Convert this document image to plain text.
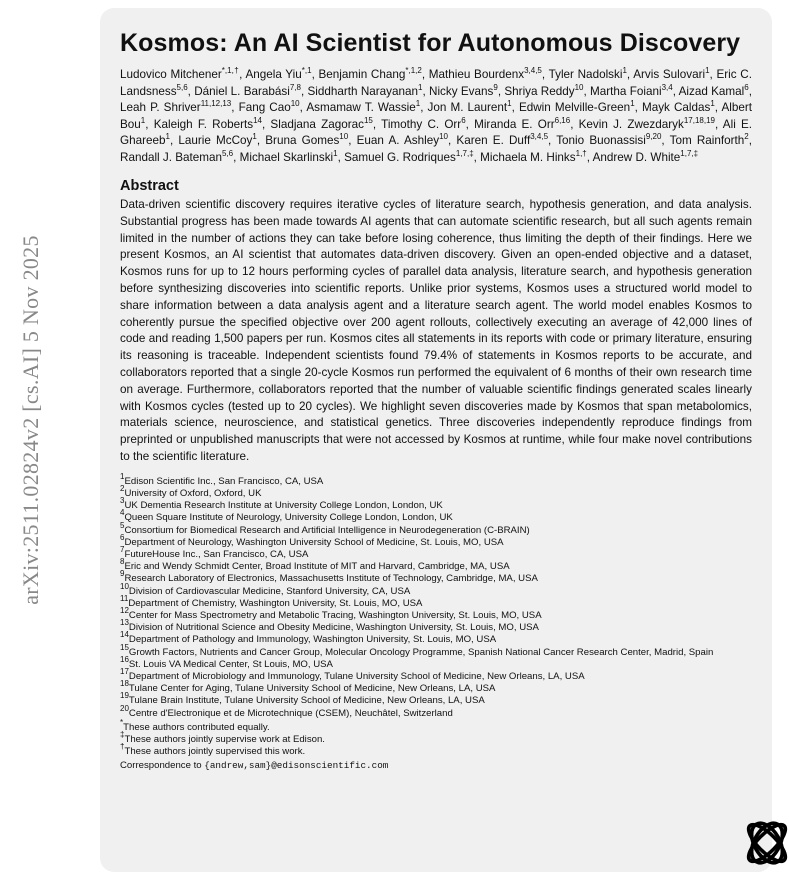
arXiv:2511.02824v2 [cs.AI] 5 Nov 2025
Kosmos: An AI Scientist for Autonomous Discovery
Ludovico Mitchener$^{*,1,\dagger}$, Angela Yiu$^{*,1}$, Benjamin Chang$^{*,1,2}$, Mathieu Bourdenx$^{3,4,5}$, Tyler Nadolski$^1$, Arvis Sulovari$^1$, Eric C. Landsness$^{5,6}$, Dániel L. Barabási$^{7,8}$, Siddharth Narayanan$^1$, Nicky Evans$^9$, Shriya Reddy$^{10}$, Martha Foiani$^{3,4}$, Aizad Kamal$^6$, Leah P. Shriver$^{11,12,13}$, Fang Cao$^{10}$, Asmamaw T. Wassie$^1$, Jon M. Laurent$^1$, Edwin Melville-Green$^1$, Mayk Caldas$^1$, Albert Bou$^1$, Kaleigh F. Roberts$^{14}$, Sladjana Zagorac$^{15}$, Timothy C. Orr$^6$, Miranda E. Orr$^{6,16}$, Kevin J. Zwezdaryk$^{17,18,19}$, Ali E. Ghareeb$^1$, Laurie McCoy$^1$, Bruna Gomes$^{10}$, Euan A. Ashley$^{10}$, Karen E. Duff$^{3,4,5}$, Tonio Buonassisi$^{9,20}$, Tom Rainforth$^2$, Randall J. Bateman$^{5,6}$, Michael Skarlinski$^1$, Samuel G. Rodriques$^{1,7,\ddagger}$, Michaela M. Hinks$^{1,\dagger}$, Andrew D. White$^{1,7,\ddagger}$
Abstract

Data-driven scientific discovery requires iterative cycles of literature search, hypothesis generation, and data analysis. Substantial progress has been made towards AI agents that can automate scientific research, but all such agents remain limited in the number of actions they can take before losing coherence, thus limiting the depth of their findings. Here we present Kosmos, an AI scientist that automates data-driven discovery. Given an open-ended objective and a dataset, Kosmos runs for up to 12 hours performing cycles of parallel data analysis, literature search, and hypothesis generation before synthesizing discoveries into scientific reports. Unlike prior systems, Kosmos uses a structured world model to share information between a data analysis agent and a literature search agent. The world model enables Kosmos to coherently pursue the specified objective over 200 agent rollouts, collectively executing an average of 42,000 lines of code and reading 1,500 papers per run. Kosmos cites all statements in its reports with code or primary literature, ensuring its reasoning is traceable. Independent scientists found 79.4% of statements in Kosmos reports to be accurate, and collaborators reported that a single 20-cycle Kosmos run performed the equivalent of 6 months of their own research time on average. Furthermore, collaborators reported that the number of valuable scientific findings generated scales linearly with Kosmos cycles (tested up to 20 cycles). We highlight seven discoveries made by Kosmos that span metabolomics, materials science, neuroscience, and statistical genetics. Three discoveries independently reproduce findings from preprinted or unpublished manuscripts that were not accessed by Kosmos at runtime, while four make novel contributions to the scientific literature.

$^1$Edison Scientific Inc., San Francisco, CA, USA
$^2$University of Oxford, Oxford, UK
$^3$UK Dementia Research Institute at University College London, London, UK
$^4$Queen Square Institute of Neurology, University College London, London, UK
$^5$Consortium for Biomedical Research and Artificial Intelligence in Neurodegeneration (C-BRAIN)
$^6$Department of Neurology, Washington University School of Medicine, St. Louis, MO, USA
$^7$FutureHouse Inc., San Francisco, CA, USA
$^8$Eric and Wendy Schmidt Center, Broad Institute of MIT and Harvard, Cambridge, MA, USA
$^9$Research Laboratory of Electronics, Massachusetts Institute of Technology, Cambridge, MA, USA
$^{10}$Division of Cardiovascular Medicine, Stanford University, CA, USA
$^{11}$Department of Chemistry, Washington University, St. Louis, MO, USA
$^{12}$Center for Mass Spectrometry and Metabolic Tracing, Washington University, St. Louis, MO, USA
$^{13}$Division of Nutritional Science and Obesity Medicine, Washington University, St. Louis, MO, USA
$^{14}$Department of Pathology and Immunology, Washington University, St. Louis, MO, USA
$^{15}$Growth Factors, Nutrients and Cancer Group, Molecular Oncology Programme, Spanish National Cancer Research Center, Madrid, Spain
$^{16}$St. Louis VA Medical Center, St Louis, MO, USA
$^{17}$Department of Microbiology and Immunology, Tulane University School of Medicine, New Orleans, LA, USA
$^{18}$Tulane Center for Aging, Tulane University School of Medicine, New Orleans, LA, USA
$^{19}$Tulane Brain Institute, Tulane University School of Medicine, New Orleans, LA, USA
$^{20}$Centre d'Electronique et de Microtechnique (CSEM), Neuchâtel, Switzerland
*These authors contributed equally.
‡These authors jointly supervise work at Edison.
†These authors jointly supervised this work.
Correspondence to {andrew,sam}@edisonscientific.com
